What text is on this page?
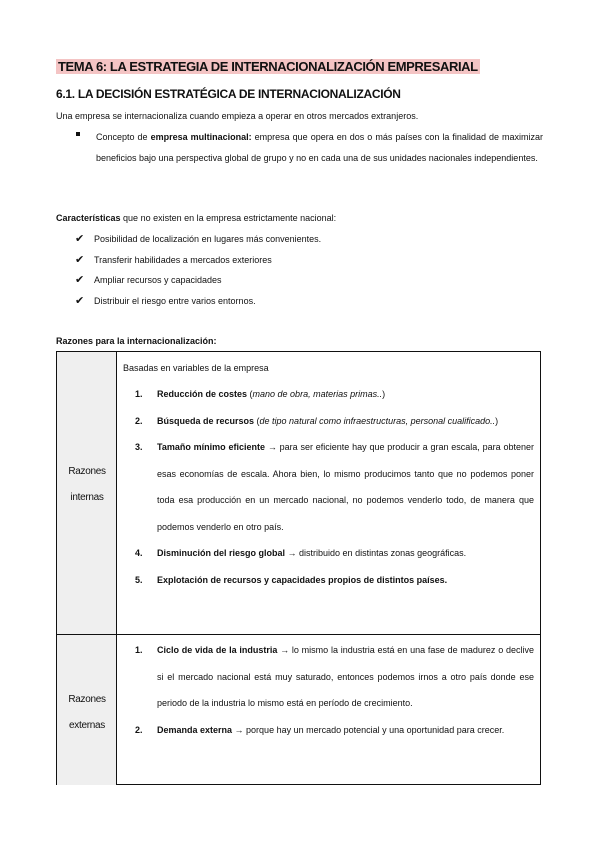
TEMA 6: LA ESTRATEGIA DE INTERNACIONALIZACIÓN EMPRESARIAL
6.1. LA DECISIÓN ESTRATÉGICA DE INTERNACIONALIZACIÓN
Una empresa se internacionaliza cuando empieza a operar en otros mercados extranjeros.
Concepto de empresa multinacional: empresa que opera en dos o más países con la finalidad de maximizar beneficios bajo una perspectiva global de grupo y no en cada una de sus unidades nacionales independientes.
Características que no existen en la empresa estrictamente nacional:
✔ Posibilidad de localización en lugares más convenientes.
✔ Transferir habilidades a mercados exteriores
✔ Ampliar recursos y capacidades
✔ Distribuir el riesgo entre varios entornos.
Razones para la internacionalización:
Razones
internas
Basadas en variables de la empresa
1. Reducción de costes (mano de obra, materias primas..)
2. Búsqueda de recursos (de tipo natural como infraestructuras, personal cualificado..)
3. Tamaño mínimo eficiente → para ser eficiente hay que producir a gran escala, para obtener esas economías de escala. Ahora bien, lo mismo producimos tanto que no podemos poner toda esa producción en un mercado nacional, no podemos venderlo todo, de manera que podemos venderlo en otro país.
4. Disminución del riesgo global → distribuido en distintas zonas geográficas.
5. Explotación de recursos y capacidades propios de distintos países.
Razones
externas
1. Ciclo de vida de la industria → lo mismo la industria está en una fase de madurez o declive si el mercado nacional está muy saturado, entonces podemos irnos a otro país donde ese periodo de la industria lo mismo está en período de crecimiento.
2. Demanda externa → porque hay un mercado potencial y una oportunidad para crecer.
